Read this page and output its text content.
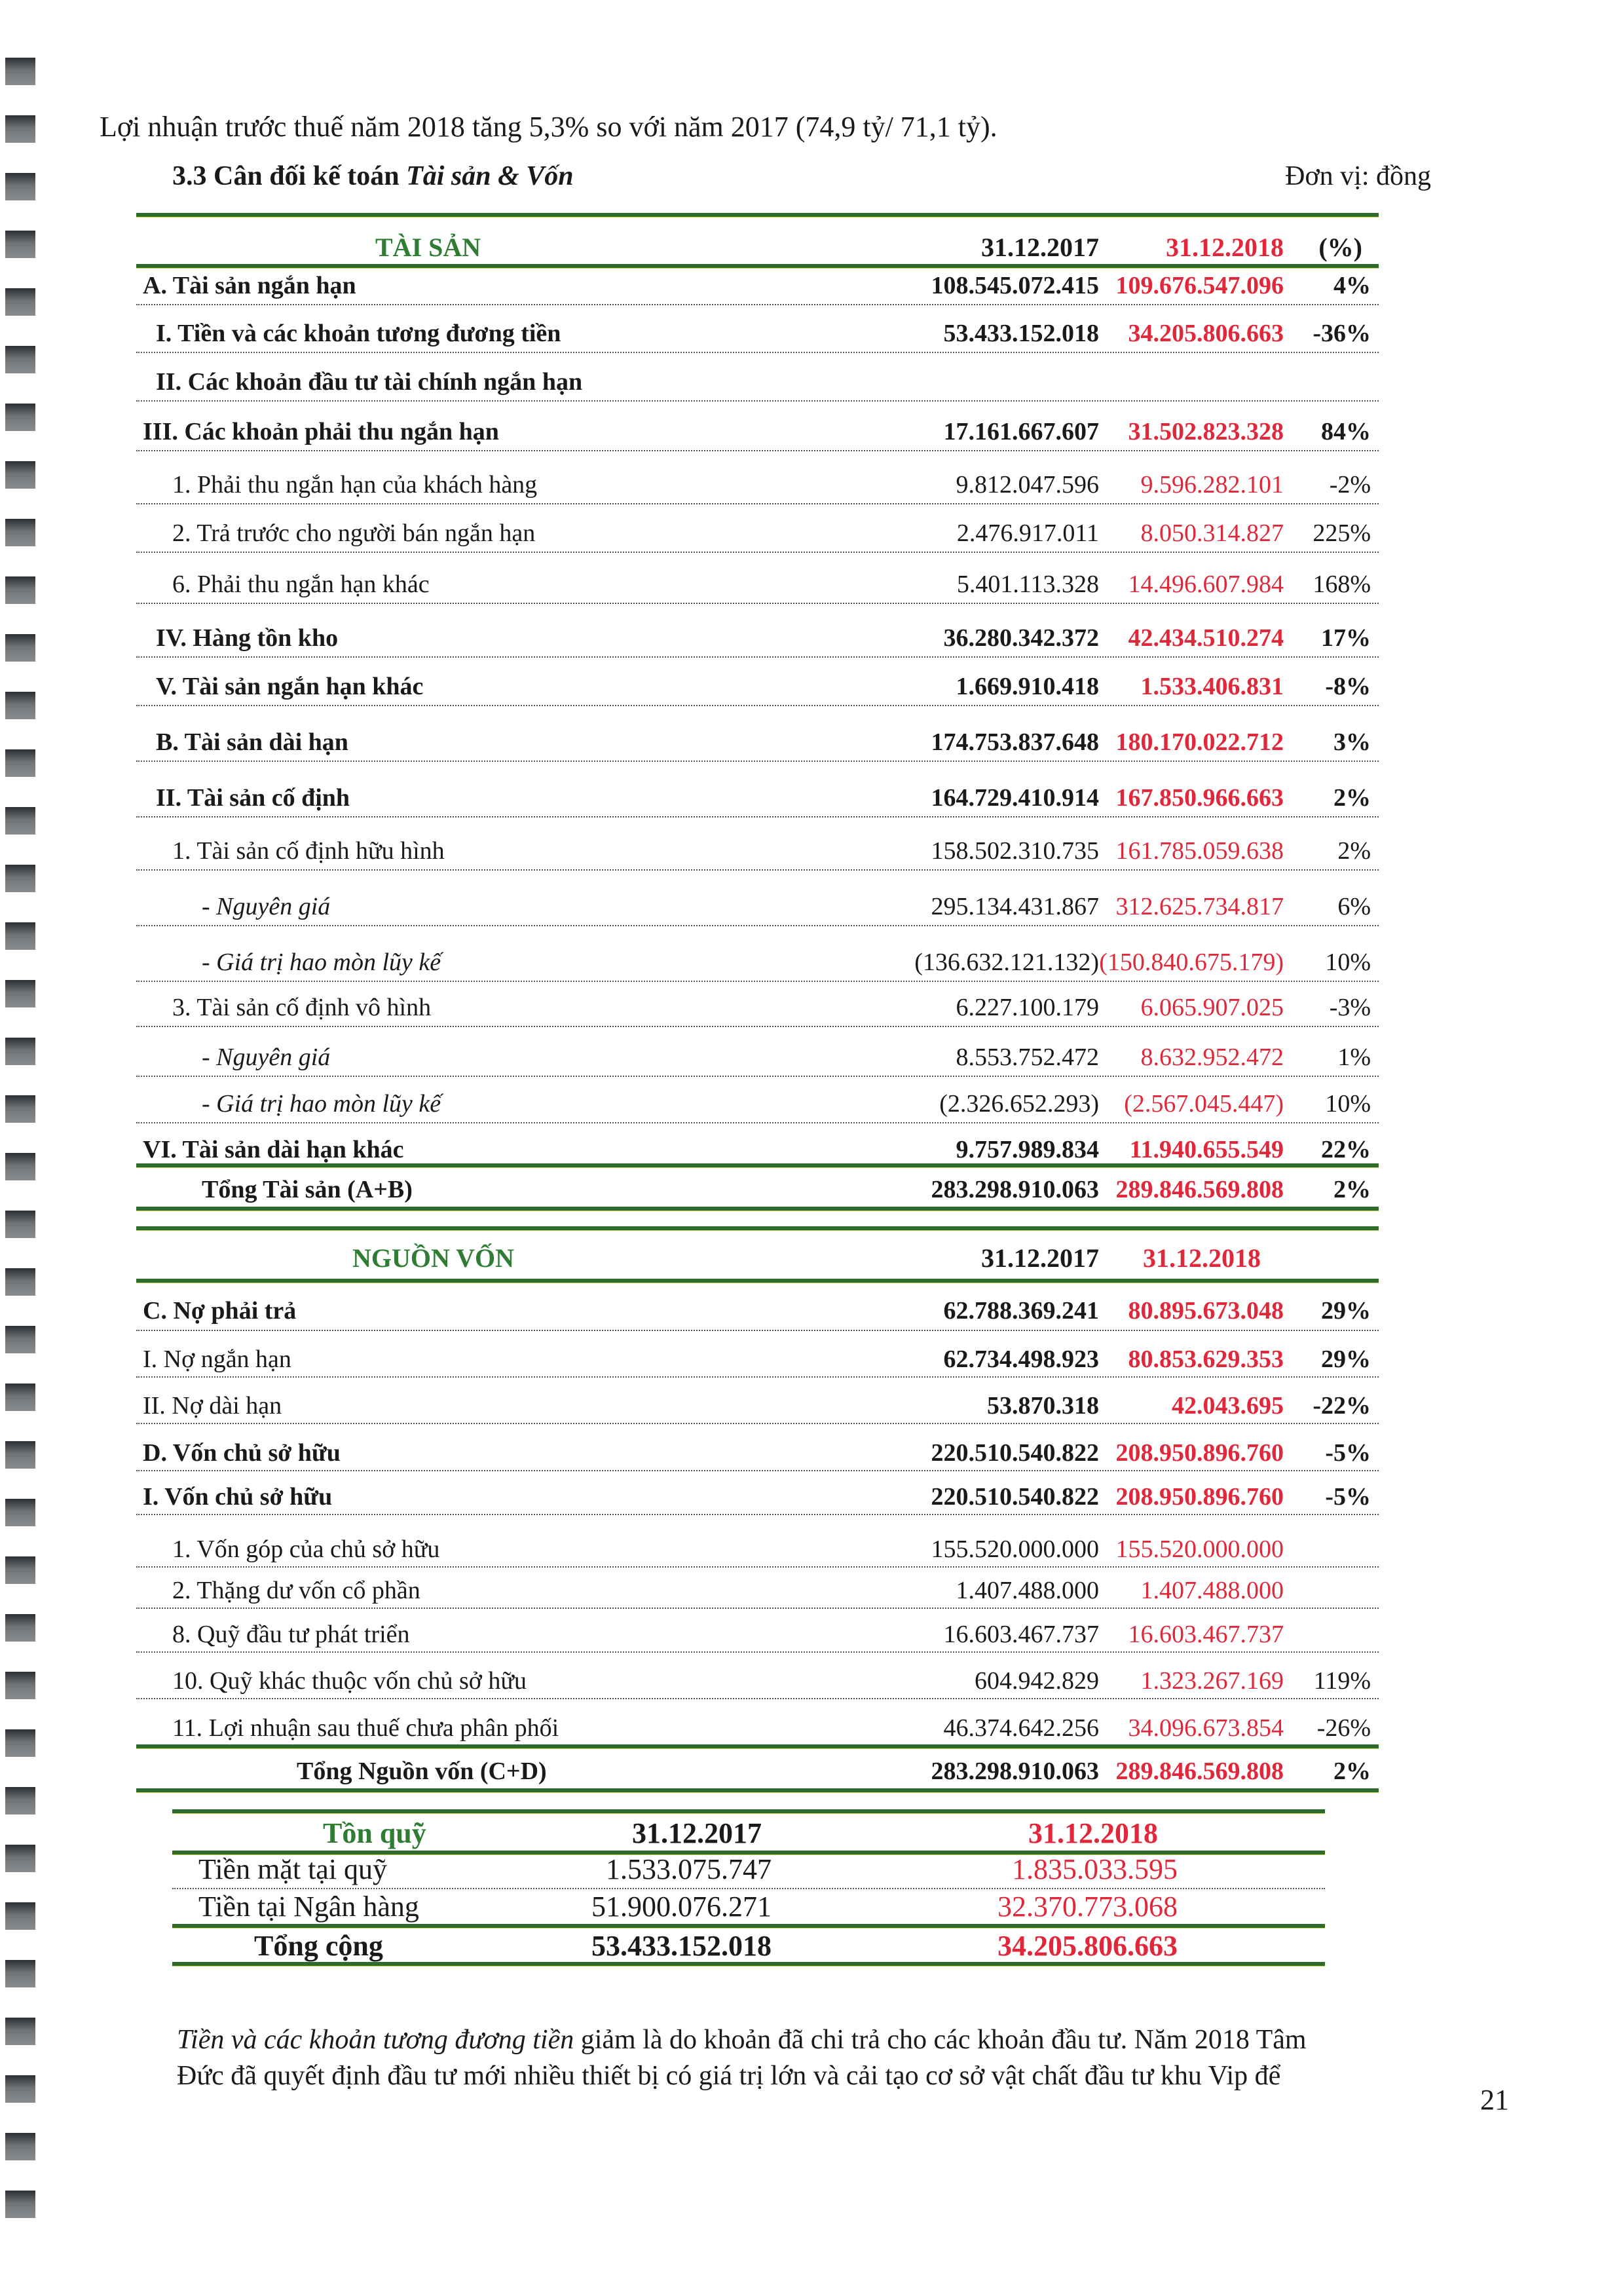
Lợi nhuận trước thuế năm 2018 tăng 5,3% so với năm 2017 (74,9 tỷ/ 71,1 tỷ).
3.3 Cân đối kế toán Tài sản & Vốn	Đơn vị: đồng
TÀI SẢN	31.12.2017	31.12.2018 (%)
A. Tài sản ngắn hạn	108.545.072.415 109.676.547.096 4%
I. Tiền và các khoản tương đương tiền	53.433.152.018 34.205.806.663 -36%
II. Các khoản đầu tư tài chính ngắn hạn
III. Các khoản phải thu ngắn hạn	17.161.667.607 31.502.823.328 84%
1. Phải thu ngắn hạn của khách hàng	9.812.047.596 9.596.282.101 -2%
2. Trả trước cho người bán ngắn hạn	2.476.917.011 8.050.314.827 225%
6. Phải thu ngắn hạn khác	5.401.113.328 14.496.607.984 168%
IV. Hàng tồn kho	36.280.342.372 42.434.510.274 17%
V. Tài sản ngắn hạn khác	1.669.910.418 1.533.406.831 -8%
B. Tài sản dài hạn	174.753.837.648 180.170.022.712 3%
II. Tài sản cố định	164.729.410.914 167.850.966.663 2%
1. Tài sản cố định hữu hình	158.502.310.735 161.785.059.638 2%
- Nguyên giá	295.134.431.867 312.625.734.817 6%
- Giá trị hao mòn lũy kế	(136.632.121.132) (150.840.675.179) 10%
3. Tài sản cố định vô hình	6.227.100.179 6.065.907.025 -3%
- Nguyên giá	8.553.752.472 8.632.952.472 1%
- Giá trị hao mòn lũy kế	(2.326.652.293) (2.567.045.447) 10%
VI. Tài sản dài hạn khác	9.757.989.834 11.940.655.549 22%
Tổng Tài sản (A+B)	283.298.910.063 289.846.569.808 2%
NGUỒN VỐN	31.12.2017 31.12.2018
C. Nợ phải trả	62.788.369.241 80.895.673.048 29%
I. Nợ ngắn hạn	62.734.498.923 80.853.629.353 29%
II. Nợ dài hạn	53.870.318	42.043.695 -22%
D. Vốn chủ sở hữu	220.510.540.822 208.950.896.760 -5%
I. Vốn chủ sở hữu	220.510.540.822 208.950.896.760 -5%
1. Vốn góp của chủ sở hữu	155.520.000.000 155.520.000.000
2. Thặng dư vốn cổ phần	1.407.488.000 1.407.488.000
8. Quỹ đầu tư phát triển	16.603.467.737 16.603.467.737
10. Quỹ khác thuộc vốn chủ sở hữu	604.942.829 1.323.267.169 119%
11. Lợi nhuận sau thuế chưa phân phối	46.374.642.256 34.096.673.854 -26%
Tổng Nguồn vốn (C+D)	283.298.910.063 289.846.569.808 2%
Tồn quỹ	31.12.2017	31.12.2018
Tiền mặt tại quỹ	1.533.075.747	1.835.033.595
Tiền tại Ngân hàng	51.900.076.271	32.370.773.068
Tổng cộng	53.433.152.018	34.205.806.663
Tiền và các khoản tương đương tiền giảm là do khoản đã chi trả cho các khoản đầu tư. Năm 2018 Tâm
Đức đã quyết định đầu tư mới nhiều thiết bị có giá trị lớn và cải tạo cơ sở vật chất đầu tư khu Vip để
21
